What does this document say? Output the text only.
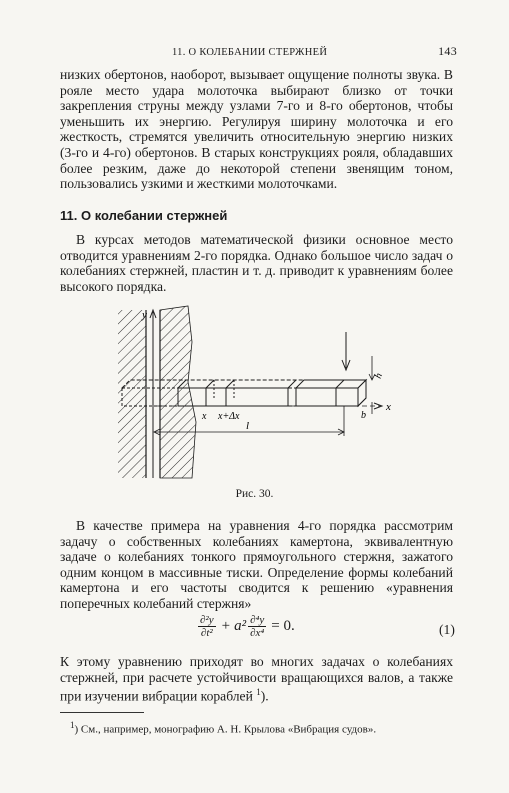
11. О КОЛЕБАНИИ СТЕРЖНЕЙ	143

низких обертонов, наоборот, вызывает ощущение полноты звука. В рояле место удара молоточка выбирают близко от точки закрепления струны между узлами 7-го и 8-го обертонов, чтобы уменьшить их энергию. Регулируя ширину молоточка и его жесткость, стремятся увеличить относительную энергию низких (3-го и 4-го) обертонов. В старых конструкциях рояля, обладавших более резким, даже до некоторой степени звенящим тоном, пользовались узкими и жесткими молоточками.

11. О колебании стержней

В курсах методов математической физики основное место отводится уравнениям 2-го порядка. Однако большое число задач о колебаниях стержней, пластин и т. д. приводит к уравнениям более высокого порядка.

y
x
h
b
x x+Δx
l
Рис. 30.

В качестве примера на уравнения 4-го порядка рассмотрим задачу о собственных колебаниях камертона, эквивалентную задаче о колебаниях тонкого прямоугольного стержня, зажатого одним концом в массивные тиски. Определение формы колебаний камертона и его частоты сводится к решению «уравнения поперечных колебаний стержня»

$\frac{\text{∂²y}}{\text{∂t²}} + a^2 \frac{\text{∂⁴y}}{\text{∂x⁴}} = 0$.	(1)

К этому уравнению приходят во многих задачах о колебаниях стержней, при расчете устойчивости вращающихся валов, а также при изучении вибрации кораблей $^1$).

$^1$) См., например, монографию А. Н. Крылова «Вибрация судов».
